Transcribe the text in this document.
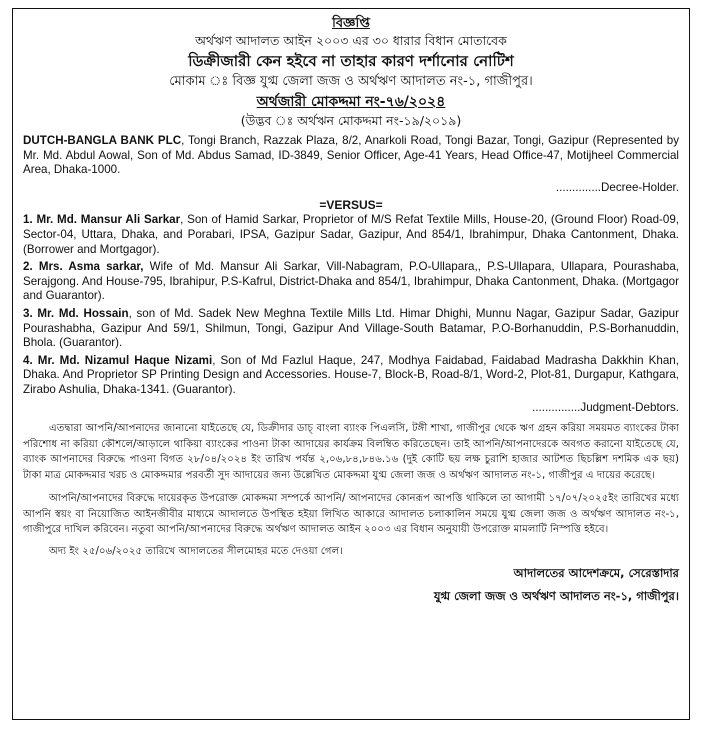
বিজ্ঞপ্তি
অর্থঋণ আদালত আইন ২০০৩ এর ৩০ ধারার বিধান মোতাবেক
ডিক্রীজারী কেন হইবে না তাহার কারণ দর্শানোর নোটিশ
মোকাম ঃ বিজ্ঞ যুগ্ম জেলা জজ ও অর্থঋণ আদালত নং-১, গাজীপুর।
অর্থজারী মোকদ্দমা নং-৭৬/২০২৪
(উদ্ভব ঃ অর্থঋন মোকদ্দমা নং-১৯/২০১৯)

DUTCH-BANGLA BANK PLC, Tongi Branch, Razzak Plaza, 8/2, Anarkoli Road, Tongi Bazar, Tongi, Gazipur (Represented by Mr. Md. Abdul Aowal, Son of Md. Abdus Samad, ID-3849, Senior Officer, Age-41 Years, Head Office-47, Motijheel Commercial Area, Dhaka-1000.

..............Decree-Holder.
=VERSUS=

1. Mr. Md. Mansur Ali Sarkar, Son of Hamid Sarkar, Proprietor of M/S Refat Textile Mills, House-20, (Ground Floor) Road-09, Sector-04, Uttara, Dhaka, and Porabari, IPSA, Gazipur Sadar, Gazipur, And 854/1, Ibrahimpur, Dhaka Cantonment, Dhaka. (Borrower and Mortgagor).

2. Mrs. Asma sarkar, Wife of Md. Mansur Ali Sarkar, Vill-Nabagram, P.O-Ullapara,, P.S-Ullapara, Ullapara, Pourashaba, Serajgong. And House-795, Ibrahipur, P.S-Kafrul, District-Dhaka and 854/1, Ibrahimpur, Dhaka Cantonment, Dhaka. (Mortgagor and Guarantor).

3. Mr. Md. Hossain, son of Md. Sadek New Meghna Textile Mills Ltd. Himar Dhighi, Munnu Nagar, Gazipur Sadar, Gazipur Pourashabha, Gazipur And 59/1, Shilmun, Tongi, Gazipur And Village-South Batamar, P.O-Borhanuddin, P.S-Borhanuddin, Bhola. (Guarantor).

4. Mr. Md. Nizamul Haque Nizami, Son of Md Fazlul Haque, 247, Modhya Faidabad, Faidabad Madrasha Dakkhin Khan, Dhaka. And Proprietor SP Printing Design and Accessories. House-7, Block-B, Road-8/1, Word-2, Plot-81, Durgapur, Kathgara, Zirabo Ashulia, Dhaka-1341. (Guarantor).

...............Judgment-Debtors.

এতদ্বারা আপনি/আপনাদের জানানো যাইতেছে যে, ডিক্রীদার ডাচ্ বাংলা ব্যাংক পিএলসি, টঙ্গী শাখা, গাজীপুর থেকে ঋণ গ্রহন করিয়া সময়মত ব্যাংকের টাকা পরিশোধ না করিয়া কৌশলে/আড়ালে থাকিয়া ব্যাংকের পাওনা টাকা আদায়ের কার্যক্রম বিলম্বিত করিতেছেন। তাই আপনি/আপনাদেরকে অবগত করানো যাইতেছে যে, ব্যাংক আপনাদের বিরুদ্ধে পাওনা বিগত ২৮/০৪/২০২৪ ইং তারিখ পর্যন্ত ২,০৬,৮৪,৮৪৬.১৬ (দুই কোটি ছয় লক্ষ চুরাশি হাজার আটশত ছিচল্লিশ দশমিক এক ছয়) টাকা মাত্র মোকদ্দমার খরচ ও মোকদ্দমার পরবর্তী সুদ আদায়ের জন্য উল্লেখিত মোকদ্দমা যুগ্ম জেলা জজ ও অর্থঋণ আদালত নং-১, গাজীপুর এ দায়ের করেছে।

আপনি/আপনাদের বিরুদ্ধে দায়েরকৃত উপরোক্ত মোকদ্দমা সম্পর্কে আপনি/ আপনাদের কোনরূপ আপত্তি থাকিলে তা আগামী ১৭/০৭/২০২৫ইং তারিখের মধ্যে আপনি স্বয়ং বা নিয়োজিত আইনজীবীর মাধ্যমে আদালতে উপস্থিত হইয়া লিখিত আকারে আদালত চলাকালিন সময়ে যুগ্ম জেলা জজ ও অর্থঋণ আদালত নং-১, গাজীপুরে দাখিল করিবেন। নতুবা আপনি/আপনাদের বিরুদ্ধে অর্থঋণ আদালত আইন ২০০৩ এর বিধান অনুযায়ী উপরোক্ত মামলাটি নিস্পত্তি হইবে।

অদ্য ইং ২৫/০৬/২০২৫ তারিখে আদালতের সীলমোহর মতে দেওয়া গেল।
আদালতের আদেশক্রমে, সেরেস্তাদার
যুগ্ম জেলা জজ ও অর্থঋণ আদালত নং-১, গাজীপুর।
